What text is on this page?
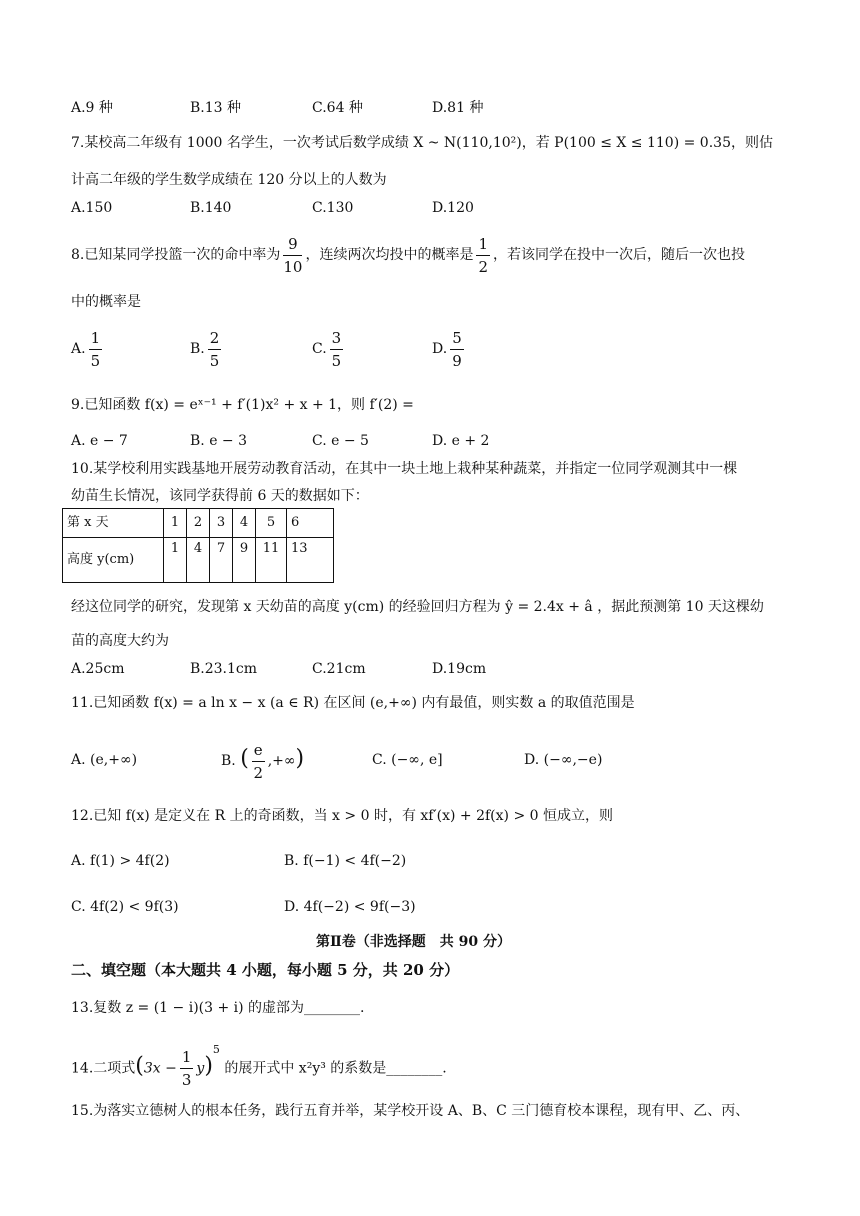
A.9 种	B.13 种	C.64 种	D.81 种
7.某校高二年级有 1000 名学生，一次考试后数学成绩 X ~ N(110,10²)，若 P(100 ≤ X ≤ 110) = 0.35，则估
计高二年级的学生数学成绩在 120 分以上的人数为
A.150	B.140	C.130	D.120
8.已知某同学投篮一次的命中率为 $\frac{9}{10}$ ，连续两次均投中的概率是 $\frac{1}{2}$ ，若该同学在投中一次后，随后一次也投
中的概率是
A. $\frac{1}{5}$	B. $\frac{2}{5}$	C. $\frac{3}{5}$	D. $\frac{5}{9}$
9.已知函数 f(x) = eˣ⁻¹ + f′(1)x² + x + 1，则 f′(2) =
A. e − 7	B. e − 3	C. e − 5	D. e + 2
10.某学校利用实践基地开展劳动教育活动，在其中一块土地上栽种某种蔬菜，并指定一位同学观测其中一棵
幼苗生长情况，该同学获得前 6 天的数据如下：
第 x 天	1	2	3	4	5	6
高度 y(cm)	1	4	7	9	11	13
经这位同学的研究，发现第 x 天幼苗的高度 y(cm) 的经验回归方程为 ŷ = 2.4x + â ，据此预测第 10 天这棵幼
苗的高度大约为
A.25cm	B.23.1cm	C.21cm	D.19cm
11.已知函数 f(x) = a ln x − x (a ∈ R) 在区间 (e,+∞) 内有最值，则实数 a 的取值范围是
A. (e,+∞)	B. ( $\frac{e}{2}$ ,+∞)	C. (−∞, e]	D. (−∞,−e)
12.已知 f(x) 是定义在 R 上的奇函数，当 x > 0 时，有 xf′(x) + 2f(x) > 0 恒成立，则
A. f(1) > 4f(2)	B. f(−1) < 4f(−2)
C. 4f(2) < 9f(3)	D. 4f(−2) < 9f(−3)
第Ⅱ卷（非选择题　共 90 分）
二、填空题（本大题共 4 小题，每小题 5 分，共 20 分）
13.复数 z = (1 − i)(3 + i) 的虚部为________.
14.二项式$(3x - \frac{1}{3} y)^5$ 的展开式中 x²y³ 的系数是________.
15.为落实立德树人的根本任务，践行五育并举，某学校开设 A、B、C 三门德育校本课程，现有甲、乙、丙、
